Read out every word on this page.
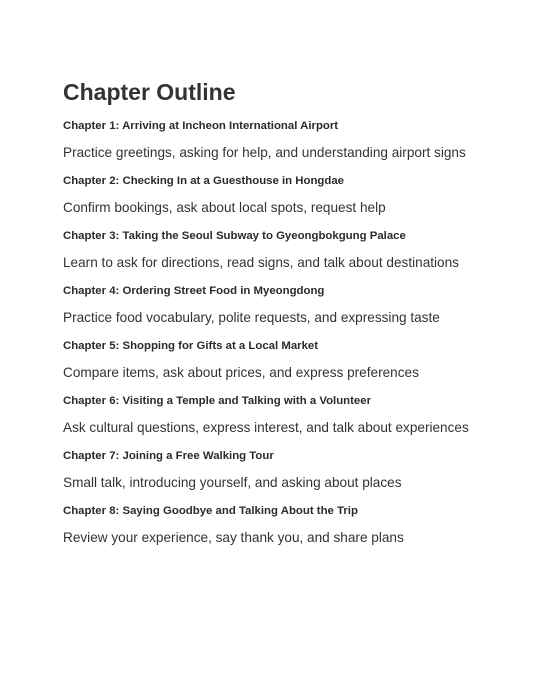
Chapter Outline
Chapter 1: Arriving at Incheon International Airport
Practice greetings, asking for help, and understanding airport signs
Chapter 2: Checking In at a Guesthouse in Hongdae
Confirm bookings, ask about local spots, request help
Chapter 3: Taking the Seoul Subway to Gyeongbokgung Palace
Learn to ask for directions, read signs, and talk about destinations
Chapter 4: Ordering Street Food in Myeongdong
Practice food vocabulary, polite requests, and expressing taste
Chapter 5: Shopping for Gifts at a Local Market
Compare items, ask about prices, and express preferences
Chapter 6: Visiting a Temple and Talking with a Volunteer
Ask cultural questions, express interest, and talk about experiences
Chapter 7: Joining a Free Walking Tour
Small talk, introducing yourself, and asking about places
Chapter 8: Saying Goodbye and Talking About the Trip
Review your experience, say thank you, and share plans
